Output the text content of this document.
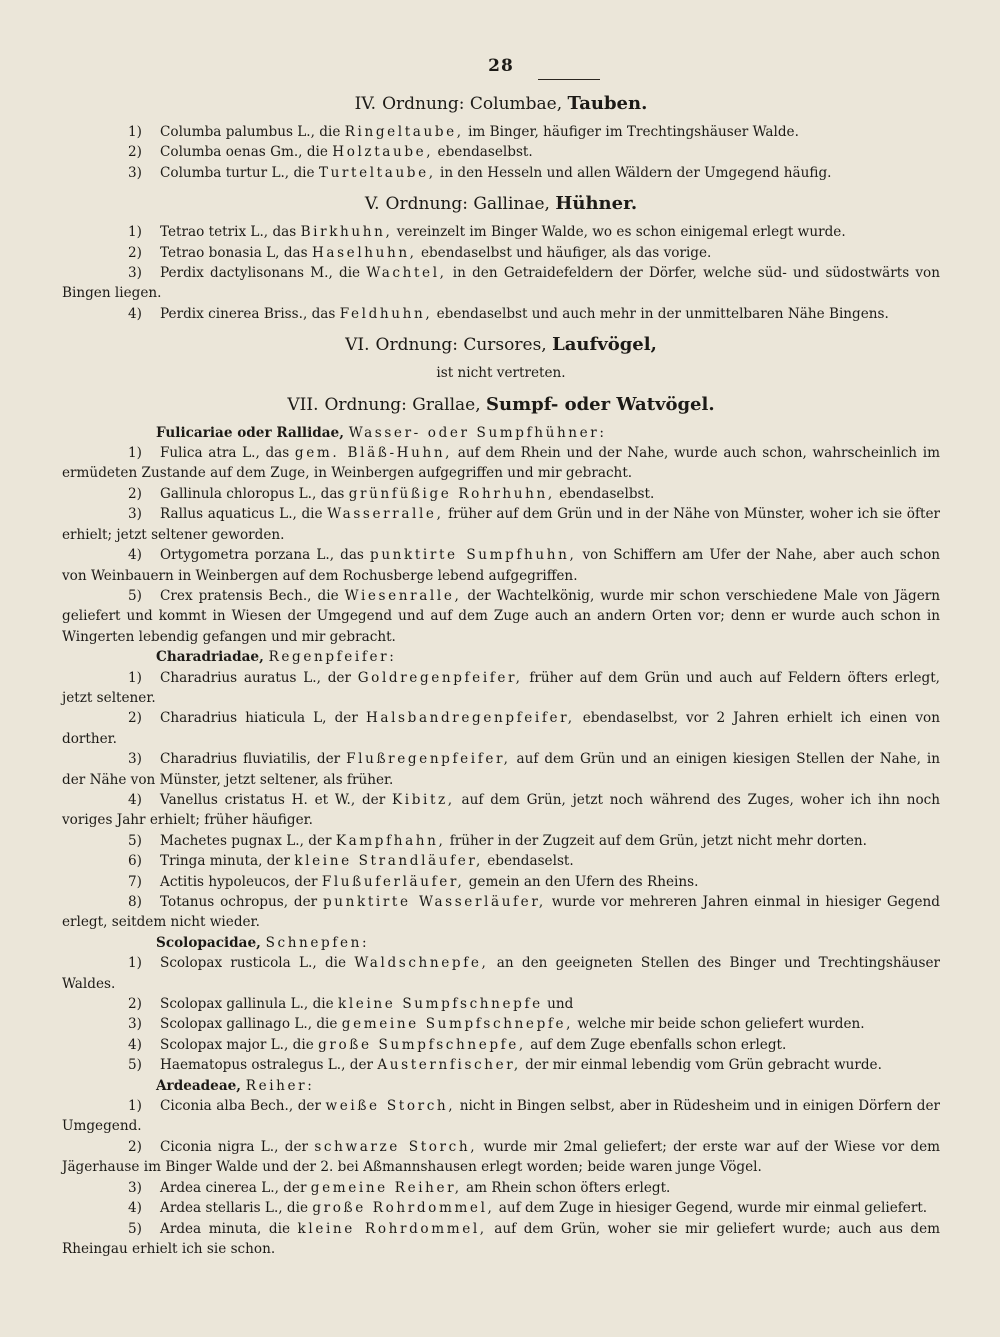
28
IV. Ordnung: Columbae, Tauben.
1) Columba palumbus L., die Ringeltaube, im Binger, häufiger im Trechtingshäuser Walde.
2) Columba oenas Gm., die Holztaube, ebendaselbst.
3) Columba turtur L., die Turteltaube, in den Hesseln und allen Wäldern der Umgegend häufig.
V. Ordnung: Gallinae, Hühner.
1) Tetrao tetrix L., das Birkhuhn, vereinzelt im Binger Walde, wo es schon einigemal erlegt wurde.
2) Tetrao bonasia L, das Haselhuhn, ebendaselbst und häufiger, als das vorige.
3) Perdix dactylisonans M., die Wachtel, in den Getraidefeldern der Dörfer, welche süd- und südostwärts von Bingen liegen.
4) Perdix cinerea Briss., das Feldhuhn, ebendaselbst und auch mehr in der unmittelbaren Nähe Bingens.
VI. Ordnung: Cursores, Laufvögel,
ist nicht vertreten.
VII. Ordnung: Grallae, Sumpf- oder Watvögel.
Fulicariae oder Rallidae, Wasser- oder Sumpfhühner:
1) Fulica atra L., das gem. Bläß-Huhn, auf dem Rhein und der Nahe, wurde auch schon, wahrscheinlich im ermüdeten Zustande auf dem Zuge, in Weinbergen aufgegriffen und mir gebracht.
2) Gallinula chloropus L., das grünfüßige Rohrhuhn, ebendaselbst.
3) Rallus aquaticus L., die Wasserralle, früher auf dem Grün und in der Nähe von Münster, woher ich sie öfter erhielt; jetzt seltener geworden.
4) Ortygometra porzana L., das punktirte Sumpfhuhn, von Schiffern am Ufer der Nahe, aber auch schon von Weinbauern in Weinbergen auf dem Rochusberge lebend aufgegriffen.
5) Crex pratensis Bech., die Wiesenralle, der Wachtelkönig, wurde mir schon verschiedene Male von Jägern geliefert und kommt in Wiesen der Umgegend und auf dem Zuge auch an andern Orten vor; denn er wurde auch schon in Wingerten lebendig gefangen und mir gebracht.
Charadriadae, Regenpfeifer:
1) Charadrius auratus L., der Goldregenpfeifer, früher auf dem Grün und auch auf Feldern öfters erlegt, jetzt seltener.
2) Charadrius hiaticula L, der Halsbandregenpfeifer, ebendaselbst, vor 2 Jahren erhielt ich einen von dorther.
3) Charadrius fluviatilis, der Flußregenpfeifer, auf dem Grün und an einigen kiesigen Stellen der Nahe, in der Nähe von Münster, jetzt seltener, als früher.
4) Vanellus cristatus H. et W., der Kibitz, auf dem Grün, jetzt noch während des Zuges, woher ich ihn noch voriges Jahr erhielt; früher häufiger.
5) Machetes pugnax L., der Kampfhahn, früher in der Zugzeit auf dem Grün, jetzt nicht mehr dorten.
6) Tringa minuta, der kleine Strandläufer, ebendaselst.
7) Actitis hypoleucos, der Flußuferläufer, gemein an den Ufern des Rheins.
8) Totanus ochropus, der punktirte Wasserläufer, wurde vor mehreren Jahren einmal in hiesiger Gegend erlegt, seitdem nicht wieder.
Scolopacidae, Schnepfen:
1) Scolopax rusticola L., die Waldschnepfe, an den geeigneten Stellen des Binger und Trechtingshäuser Waldes.
2) Scolopax gallinula L., die kleine Sumpfschnepfe und
3) Scolopax gallinago L., die gemeine Sumpfschnepfe, welche mir beide schon geliefert wurden.
4) Scolopax major L., die große Sumpfschnepfe, auf dem Zuge ebenfalls schon erlegt.
5) Haematopus ostralegus L., der Austernfischer, der mir einmal lebendig vom Grün gebracht wurde.
Ardeadeae, Reiher:
1) Ciconia alba Bech., der weiße Storch, nicht in Bingen selbst, aber in Rüdesheim und in einigen Dörfern der Umgegend.
2) Ciconia nigra L., der schwarze Storch, wurde mir 2mal geliefert; der erste war auf der Wiese vor dem Jägerhause im Binger Walde und der 2. bei Aßmannshausen erlegt worden; beide waren junge Vögel.
3) Ardea cinerea L., der gemeine Reiher, am Rhein schon öfters erlegt.
4) Ardea stellaris L., die große Rohrdommel, auf dem Zuge in hiesiger Gegend, wurde mir einmal geliefert.
5) Ardea minuta, die kleine Rohrdommel, auf dem Grün, woher sie mir geliefert wurde; auch aus dem Rheingau erhielt ich sie schon.
